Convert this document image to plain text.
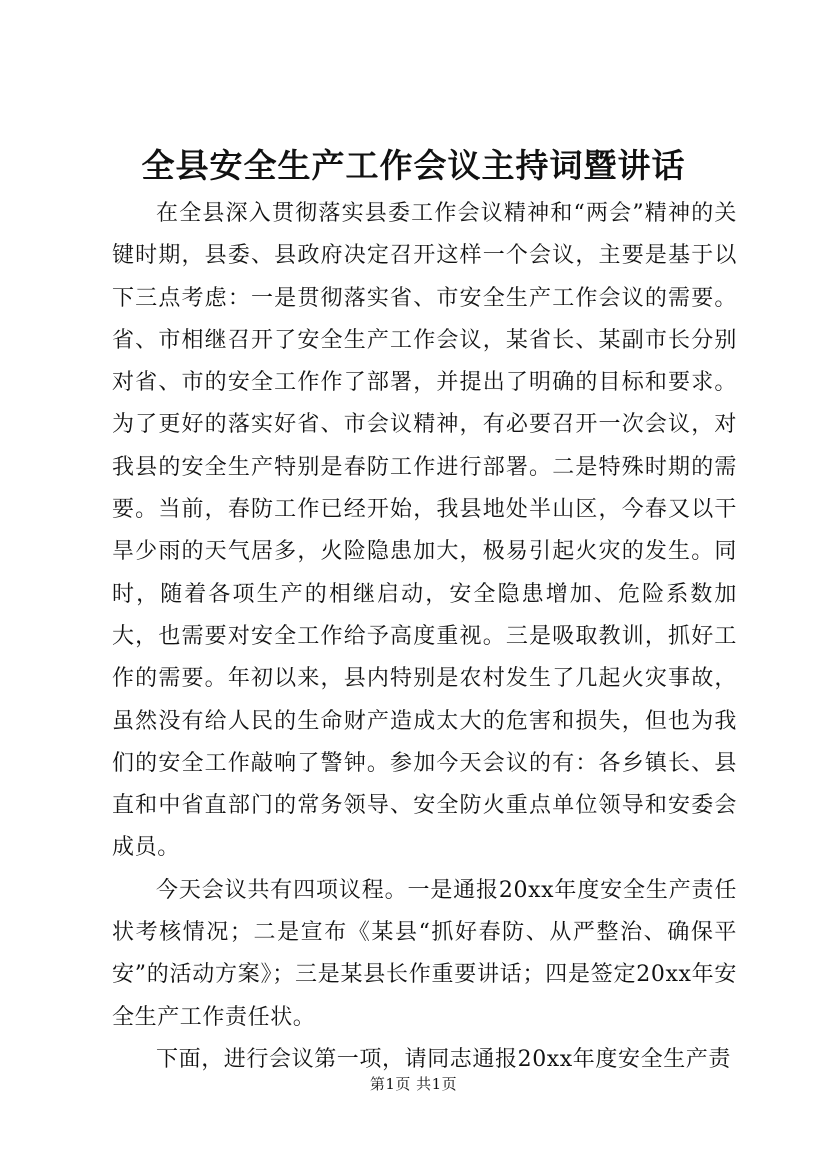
全县安全生产工作会议主持词暨讲话

在全县深入贯彻落实县委工作会议精神和“两会”精神的关键时期，县委、县政府决定召开这样一个会议，主要是基于以下三点考虑：一是贯彻落实省、市安全生产工作会议的需要。省、市相继召开了安全生产工作会议，某省长、某副市长分别对省、市的安全工作作了部署，并提出了明确的目标和要求。为了更好的落实好省、市会议精神，有必要召开一次会议，对我县的安全生产特别是春防工作进行部署。二是特殊时期的需要。当前，春防工作已经开始，我县地处半山区，今春又以干旱少雨的天气居多，火险隐患加大，极易引起火灾的发生。同时，随着各项生产的相继启动，安全隐患增加、危险系数加大，也需要对安全工作给予高度重视。三是吸取教训，抓好工作的需要。年初以来，县内特别是农村发生了几起火灾事故，虽然没有给人民的生命财产造成太大的危害和损失，但也为我们的安全工作敲响了警钟。参加今天会议的有：各乡镇长、县直和中省直部门的常务领导、安全防火重点单位领导和安委会成员。

今天会议共有四项议程。一是通报20xx年度安全生产责任状考核情况；二是宣布《某县“抓好春防、从严整治、确保平安”的活动方案》；三是某县长作重要讲话；四是签定20xx年安全生产工作责任状。

下面，进行会议第一项，请同志通报20xx年度安全生产责

第1页 共1页
